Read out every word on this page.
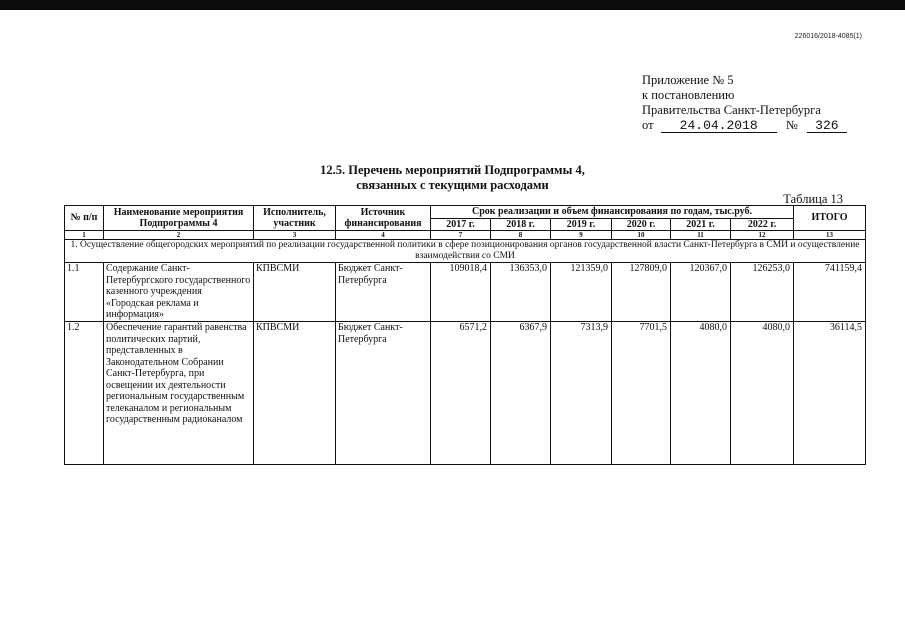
226016/2018-4085(1)
Приложение № 5
к постановлению
Правительства Санкт-Петербурга
от 24.04.2018 № 326
12.5. Перечень мероприятий Подпрограммы 4,
связанных с текущими расходами
Таблица 13
№ п/п	Наименование мероприятия Подпрограммы 4	Исполнитель, участник	Источник финансирования	Срок реализации и объем финансирования по годам, тыс.руб.						ИТОГО
				2017 г.	2018 г.	2019 г.	2020 г.	2021 г.	2022 г.	
1	2	3	4	7	8	9	10	11	12	13
1. Осуществление общегородских мероприятий по реализации государственной политики в сфере позиционирования органов государственной власти Санкт-Петербурга в СМИ и осуществление взаимодействия со СМИ										
1.1	Содержание Санкт-Петербургского государственного казенного учреждения «Городская реклама и информация»	КПВСМИ	Бюджет Санкт-Петербурга	109018,4	136353,0	121359,0	127809,0	120367,0	126253,0	741159,4
1.2	Обеспечение гарантий равенства политических партий, представленных в Законодательном Собрании Санкт-Петербурга, при освещении их деятельности региональным государственным телеканалом и региональным государственным радиоканалом	КПВСМИ	Бюджет Санкт-Петербурга	6571,2	6367,9	7313,9	7701,5	4080,0	4080,0	36114,5
